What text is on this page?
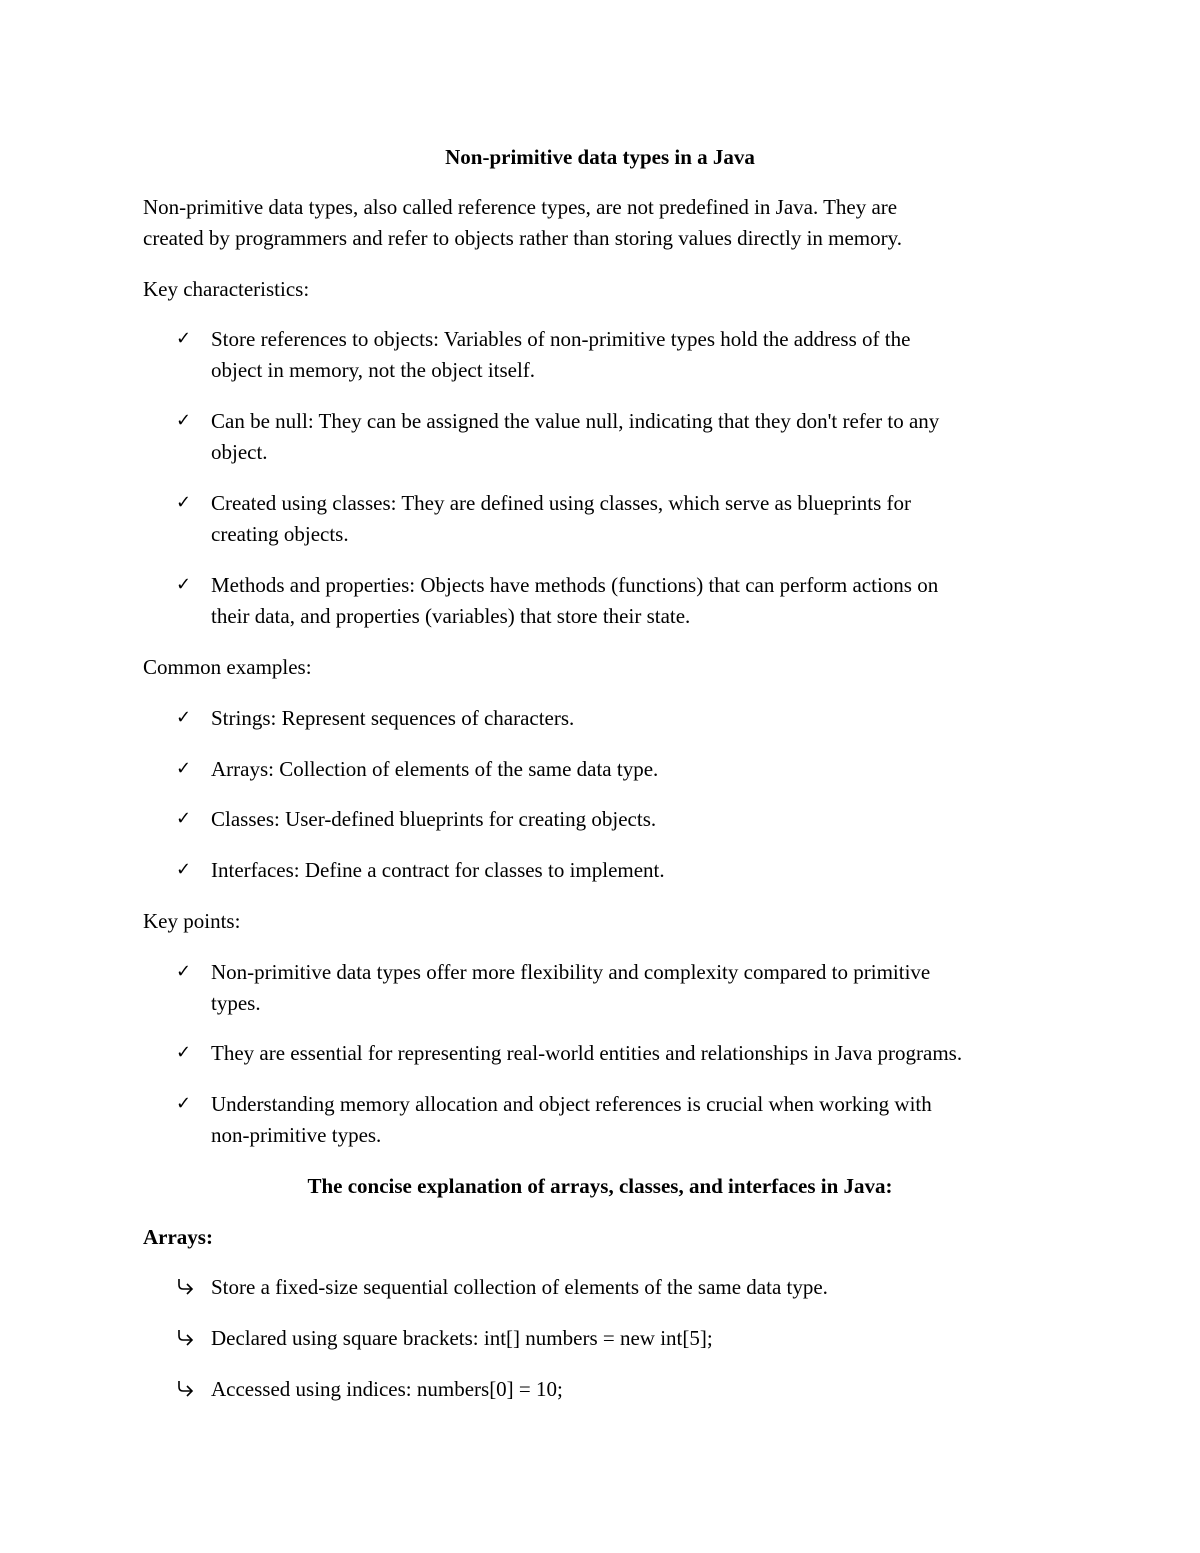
Non-primitive data types in a Java
Non-primitive data types, also called reference types, are not predefined in Java. They are
created by programmers and refer to objects rather than storing values directly in memory.
Key characteristics:
✓ Store references to objects: Variables of non-primitive types hold the address of the
object in memory, not the object itself.
✓ Can be null: They can be assigned the value null, indicating that they don't refer to any
object.
✓ Created using classes: They are defined using classes, which serve as blueprints for
creating objects.
✓ Methods and properties: Objects have methods (functions) that can perform actions on
their data, and properties (variables) that store their state.
Common examples:
✓ Strings: Represent sequences of characters.
✓ Arrays: Collection of elements of the same data type.
✓ Classes: User-defined blueprints for creating objects.
✓ Interfaces: Define a contract for classes to implement.
Key points:
✓ Non-primitive data types offer more flexibility and complexity compared to primitive
types.
✓ They are essential for representing real-world entities and relationships in Java programs.
✓ Understanding memory allocation and object references is crucial when working with
non-primitive types.
The concise explanation of arrays, classes, and interfaces in Java:
Arrays:
Store a fixed-size sequential collection of elements of the same data type.
Declared using square brackets: int[] numbers = new int[5];
Accessed using indices: numbers[0] = 10;
